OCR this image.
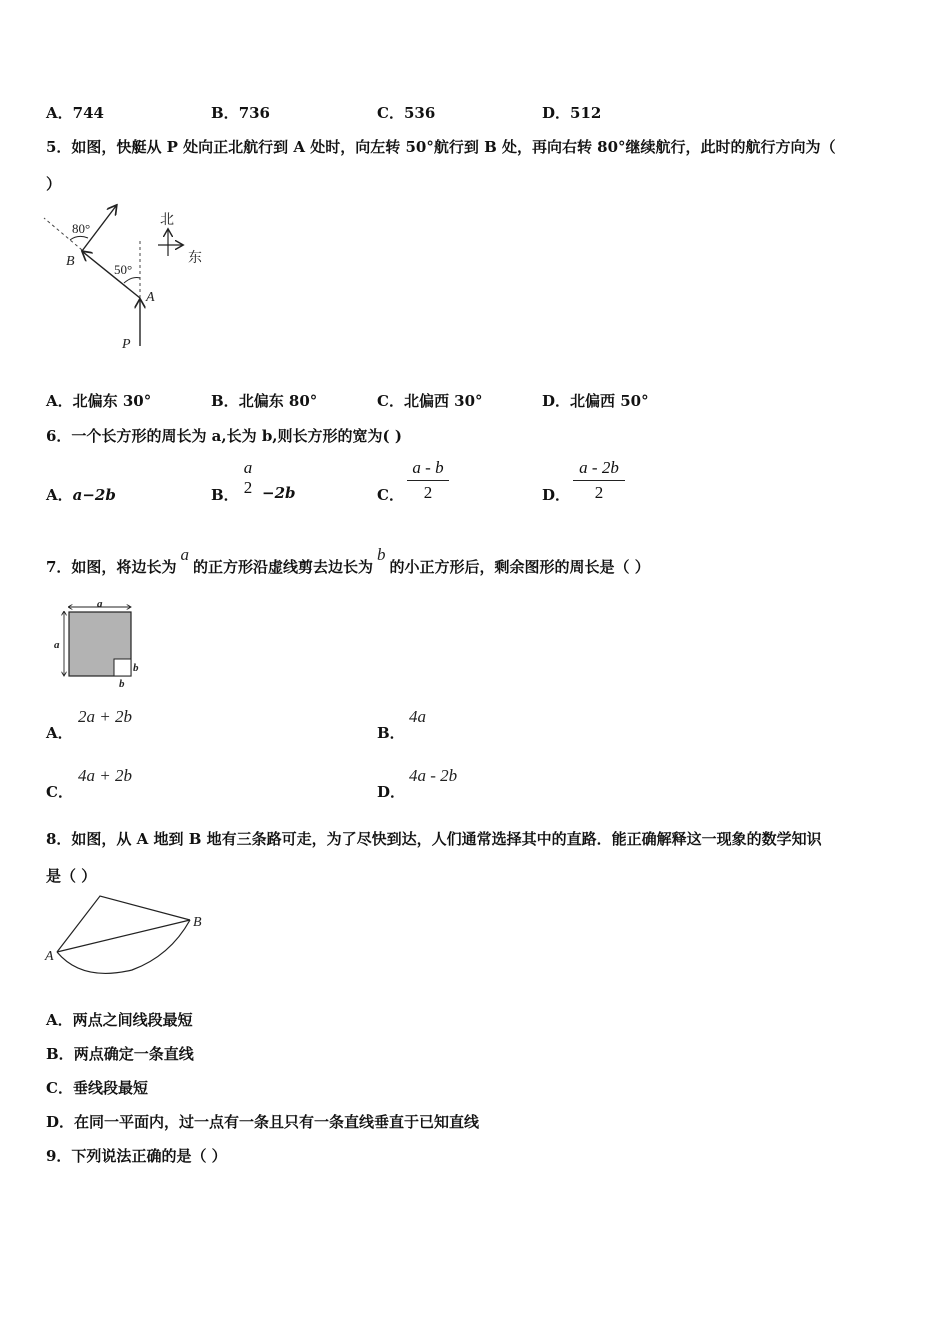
A．744	B．736	C．536	D．512
5．如图，快艇从 P 处向正北航行到 A 处时，向左转 50°航行到 B 处，再向右转 80°继续航行，此时的航行方向为（
）
80°
50°
B
A
P
北
东
A．北偏东 30°	B．北偏东 80°	C．北偏西 30°	D．北偏西 50°
6．一个长方形的周长为 a,长为 b,则长方形的宽为( )
A．a−2b	B．
a
2 −2b	C．
a - b
2	D．
a - 2b
2
7．如图，将边长为a的正方形沿虚线剪去边长为b的小正方形后，剩余图形的周长是（ ）
a
a
b
b
A．
2a + 2b
B．
4a
C．
4a + 2b
D．
4a - 2b
8．如图，从 A 地到 B 地有三条路可走，为了尽快到达，人们通常选择其中的直路．能正确解释这一现象的数学知识
是（ ）
A
B
A．两点之间线段最短
B．两点确定一条直线
C．垂线段最短
D．在同一平面内，过一点有一条且只有一条直线垂直于已知直线
9．下列说法正确的是（ ）
